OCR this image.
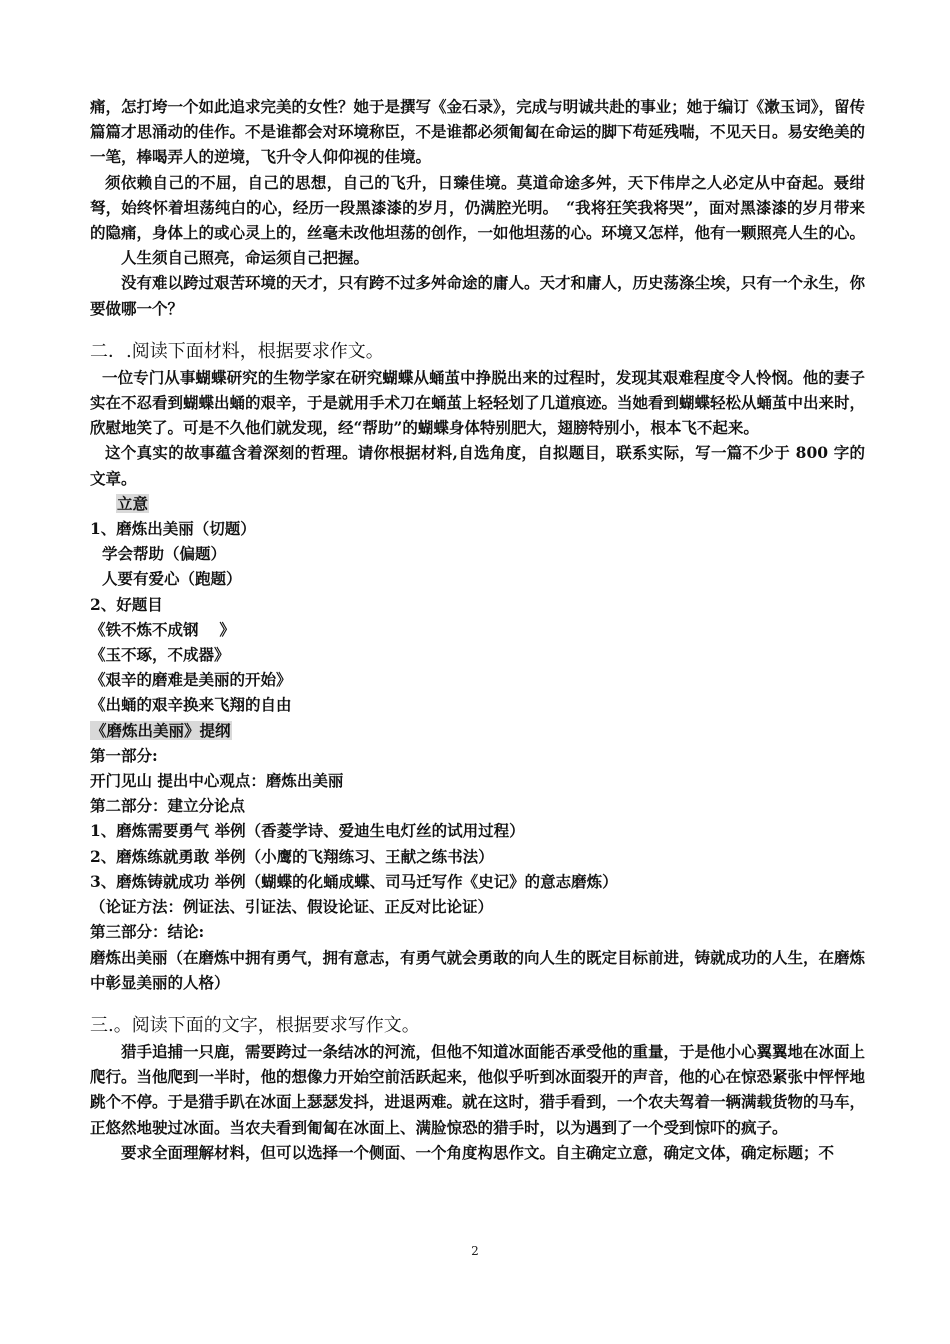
痛，怎打垮一个如此追求完美的女性？她于是撰写《金石录》，完成与明诚共赴的事业；她于编订《漱玉词》，留传篇篇才思涌动的佳作。不是谁都会对环境称臣，不是谁都必须匍匐在命运的脚下苟延残喘，不见天日。易安绝美的一笔，棒喝弄人的逆境，飞升令人仰仰视的佳境。

须依赖自己的不屈，自己的思想，自己的飞升，日臻佳境。莫道命途多舛，天下伟岸之人必定从中奋起。聂绀弩，始终怀着坦荡纯白的心，经历一段黑漆漆的岁月，仍满腔光明。　“我将狂笑我将哭”，面对黑漆漆的岁月带来的隐痛，身体上的或心灵上的，丝毫未改他坦荡的创作，一如他坦荡的心。环境又怎样，他有一颗照亮人生的心。

人生须自己照亮，命运须自己把握。

没有难以跨过艰苦环境的天才，只有跨不过多舛命途的庸人。天才和庸人，历史荡涤尘埃，只有一个永生，你要做哪一个？

二．.阅读下面材料，根据要求作文。

一位专门从事蝴蝶研究的生物学家在研究蝴蝶从蛹茧中挣脱出来的过程时，发现其艰难程度令人怜悯。他的妻子实在不忍看到蝴蝶出蛹的艰辛，于是就用手术刀在蛹茧上轻轻划了几道痕迹。当她看到蝴蝶轻松从蛹茧中出来时，欣慰地笑了。可是不久他们就发现，经“帮助”的蝴蝶身体特别肥大，翅膀特别小，根本飞不起来。

这个真实的故事蕴含着深刻的哲理。请你根据材料,自选角度，自拟题目，联系实际，写一篇不少于 800 字的文章。

立意

1、磨炼出美丽（切题）

学会帮助（偏题）

人要有爱心（跑题）

2、好题目

《铁不炼不成钢　 》

《玉不琢，不成器》

《艰辛的磨难是美丽的开始》

《出蛹的艰辛换来飞翔的自由

《磨炼出美丽》提纲

第一部分:

开门见山 提出中心观点：磨炼出美丽

第二部分：建立分论点

1、磨炼需要勇气 举例（香菱学诗、爱迪生电灯丝的试用过程）

2、磨炼练就勇敢 举例（小鹰的飞翔练习、王献之练书法）

3、磨炼铸就成功 举例（蝴蝶的化蛹成蝶、司马迁写作《史记》的意志磨炼）

（论证方法：例证法、引证法、假设论证、正反对比论证）

第三部分：结论:

磨炼出美丽（在磨炼中拥有勇气，拥有意志，有勇气就会勇敢的向人生的既定目标前进，铸就成功的人生，在磨炼中彰显美丽的人格）

三.。阅读下面的文字，根据要求写作文。

猎手追捕一只鹿，需要跨过一条结冰的河流，但他不知道冰面能否承受他的重量，于是他小心翼翼地在冰面上爬行。当他爬到一半时，他的想像力开始空前活跃起来，他似乎听到冰面裂开的声音，他的心在惊恐紧张中怦怦地跳个不停。于是猎手趴在冰面上瑟瑟发抖，进退两难。就在这时，猎手看到，一个农夫驾着一辆满载货物的马车，正悠然地驶过冰面。当农夫看到匍匐在冰面上、满脸惊恐的猎手时，以为遇到了一个受到惊吓的疯子。

要求全面理解材料，但可以选择一个侧面、一个角度构思作文。自主确定立意，确定文体，确定标题；不

2
